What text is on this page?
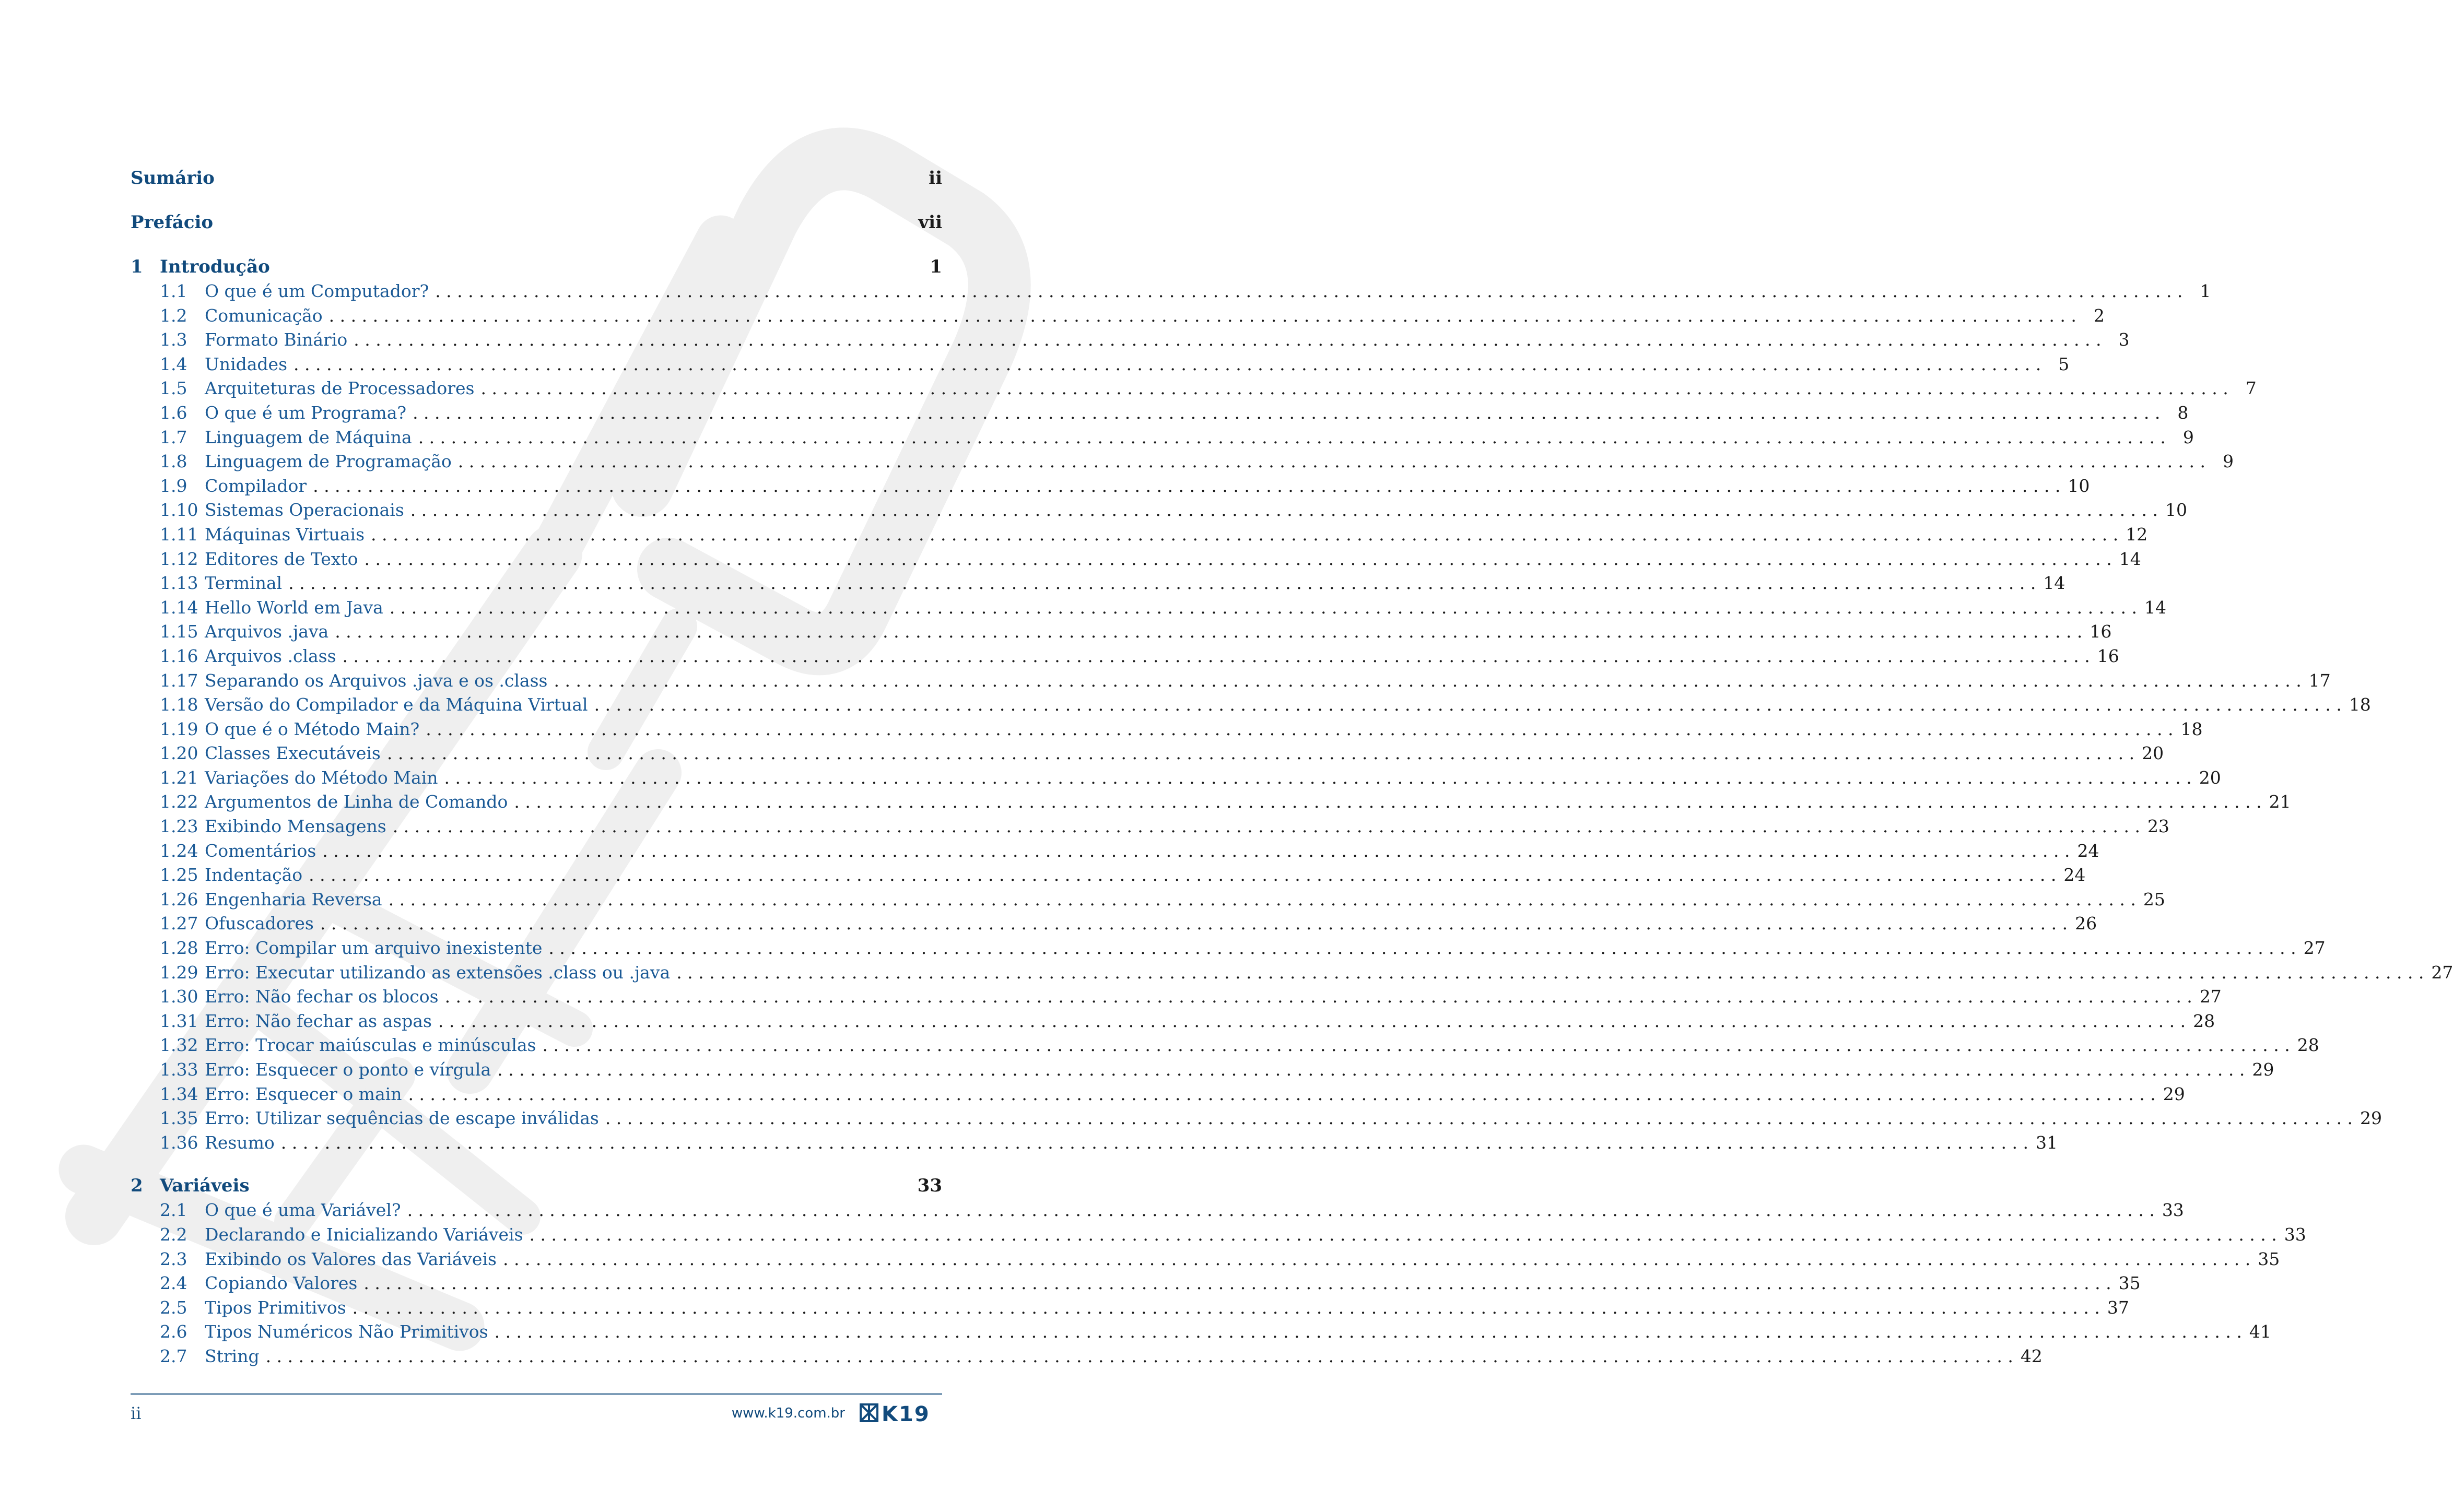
Sumário	ii
Prefácio	vii
1 Introdução	1
1.1	O que é um Computador? . . . . . . . . . . . . . . . . . . . . . . . . . . . . . . . . . . . . . . . . . . . . . . . . . . . . . . . . . . . . . . . . . . . . . . . . . . . . . . . . . . . . . . . . . . . . . . . . . . . . . . . . . . . . . . . . . . . . . . . . . . . . . . . . . . . . . . . . . . . . . . . . . . . . . . . . . . . . . . . .	1
1.2	Comunicação . . . . . . . . . . . . . . . . . . . . . . . . . . . . . . . . . . . . . . . . . . . . . . . . . . . . . . . . . . . . . . . . . . . . . . . . . . . . . . . . . . . . . . . . . . . . . . . . . . . . . . . . . . . . . . . . . . . . . . . . . . . . . . . . . . . . . . . . . . . . . . . . . . . . . . . . . . . . . . . .	2
1.3	Formato Binário . . . . . . . . . . . . . . . . . . . . . . . . . . . . . . . . . . . . . . . . . . . . . . . . . . . . . . . . . . . . . . . . . . . . . . . . . . . . . . . . . . . . . . . . . . . . . . . . . . . . . . . . . . . . . . . . . . . . . . . . . . . . . . . . . . . . . . . . . . . . . . . . . . . . . . . . . . . . . . . .	3
1.4	Unidades . . . . . . . . . . . . . . . . . . . . . . . . . . . . . . . . . . . . . . . . . . . . . . . . . . . . . . . . . . . . . . . . . . . . . . . . . . . . . . . . . . . . . . . . . . . . . . . . . . . . . . . . . . . . . . . . . . . . . . . . . . . . . . . . . . . . . . . . . . . . . . . . . . . . . . . . . . . . . . . .	5
1.5	Arquiteturas de Processadores . . . . . . . . . . . . . . . . . . . . . . . . . . . . . . . . . . . . . . . . . . . . . . . . . . . . . . . . . . . . . . . . . . . . . . . . . . . . . . . . . . . . . . . . . . . . . . . . . . . . . . . . . . . . . . . . . . . . . . . . . . . . . . . . . . . . . . . . . . . . . . . . . . . . . . . . . . . . . . . .	7
1.6	O que é um Programa? . . . . . . . . . . . . . . . . . . . . . . . . . . . . . . . . . . . . . . . . . . . . . . . . . . . . . . . . . . . . . . . . . . . . . . . . . . . . . . . . . . . . . . . . . . . . . . . . . . . . . . . . . . . . . . . . . . . . . . . . . . . . . . . . . . . . . . . . . . . . . . . . . . . . . . . . . . . . . . . .	8
1.7	Linguagem de Máquina . . . . . . . . . . . . . . . . . . . . . . . . . . . . . . . . . . . . . . . . . . . . . . . . . . . . . . . . . . . . . . . . . . . . . . . . . . . . . . . . . . . . . . . . . . . . . . . . . . . . . . . . . . . . . . . . . . . . . . . . . . . . . . . . . . . . . . . . . . . . . . . . . . . . . . . . . . . . . . . .	9
1.8	Linguagem de Programação . . . . . . . . . . . . . . . . . . . . . . . . . . . . . . . . . . . . . . . . . . . . . . . . . . . . . . . . . . . . . . . . . . . . . . . . . . . . . . . . . . . . . . . . . . . . . . . . . . . . . . . . . . . . . . . . . . . . . . . . . . . . . . . . . . . . . . . . . . . . . . . . . . . . . . . . . . . . . . . .	9
1.9	Compilador . . . . . . . . . . . . . . . . . . . . . . . . . . . . . . . . . . . . . . . . . . . . . . . . . . . . . . . . . . . . . . . . . . . . . . . . . . . . . . . . . . . . . . . . . . . . . . . . . . . . . . . . . . . . . . . . . . . . . . . . . . . . . . . . . . . . . . . . . . . . . . . . . . . . . . . . . . . . . . . . 10
1.10 Sistemas Operacionais . . . . . . . . . . . . . . . . . . . . . . . . . . . . . . . . . . . . . . . . . . . . . . . . . . . . . . . . . . . . . . . . . . . . . . . . . . . . . . . . . . . . . . . . . . . . . . . . . . . . . . . . . . . . . . . . . . . . . . . . . . . . . . . . . . . . . . . . . . . . . . . . . . . . . . . . . . . . . . . . 10
1.11 Máquinas Virtuais . . . . . . . . . . . . . . . . . . . . . . . . . . . . . . . . . . . . . . . . . . . . . . . . . . . . . . . . . . . . . . . . . . . . . . . . . . . . . . . . . . . . . . . . . . . . . . . . . . . . . . . . . . . . . . . . . . . . . . . . . . . . . . . . . . . . . . . . . . . . . . . . . . . . . . . . . . . . . . . . 12
1.12 Editores de Texto . . . . . . . . . . . . . . . . . . . . . . . . . . . . . . . . . . . . . . . . . . . . . . . . . . . . . . . . . . . . . . . . . . . . . . . . . . . . . . . . . . . . . . . . . . . . . . . . . . . . . . . . . . . . . . . . . . . . . . . . . . . . . . . . . . . . . . . . . . . . . . . . . . . . . . . . . . . . . . . . 14
1.13 Terminal . . . . . . . . . . . . . . . . . . . . . . . . . . . . . . . . . . . . . . . . . . . . . . . . . . . . . . . . . . . . . . . . . . . . . . . . . . . . . . . . . . . . . . . . . . . . . . . . . . . . . . . . . . . . . . . . . . . . . . . . . . . . . . . . . . . . . . . . . . . . . . . . . . . . . . . . . . . . . . . . 14
1.14 Hello World em Java . . . . . . . . . . . . . . . . . . . . . . . . . . . . . . . . . . . . . . . . . . . . . . . . . . . . . . . . . . . . . . . . . . . . . . . . . . . . . . . . . . . . . . . . . . . . . . . . . . . . . . . . . . . . . . . . . . . . . . . . . . . . . . . . . . . . . . . . . . . . . . . . . . . . . . . . . . . . . . . . 14
1.15 Arquivos .java . . . . . . . . . . . . . . . . . . . . . . . . . . . . . . . . . . . . . . . . . . . . . . . . . . . . . . . . . . . . . . . . . . . . . . . . . . . . . . . . . . . . . . . . . . . . . . . . . . . . . . . . . . . . . . . . . . . . . . . . . . . . . . . . . . . . . . . . . . . . . . . . . . . . . . . . . . . . . . . . 16
1.16 Arquivos .class . . . . . . . . . . . . . . . . . . . . . . . . . . . . . . . . . . . . . . . . . . . . . . . . . . . . . . . . . . . . . . . . . . . . . . . . . . . . . . . . . . . . . . . . . . . . . . . . . . . . . . . . . . . . . . . . . . . . . . . . . . . . . . . . . . . . . . . . . . . . . . . . . . . . . . . . . . . . . . . . 16
1.17 Separando os Arquivos .java e os .class . . . . . . . . . . . . . . . . . . . . . . . . . . . . . . . . . . . . . . . . . . . . . . . . . . . . . . . . . . . . . . . . . . . . . . . . . . . . . . . . . . . . . . . . . . . . . . . . . . . . . . . . . . . . . . . . . . . . . . . . . . . . . . . . . . . . . . . . . . . . . . . . . . . . . . . . . . . . . . . . 17
1.18 Versão do Compilador e da Máquina Virtual . . . . . . . . . . . . . . . . . . . . . . . . . . . . . . . . . . . . . . . . . . . . . . . . . . . . . . . . . . . . . . . . . . . . . . . . . . . . . . . . . . . . . . . . . . . . . . . . . . . . . . . . . . . . . . . . . . . . . . . . . . . . . . . . . . . . . . . . . . . . . . . . . . . . . . . . . . . . . . . . 18
1.19 O que é o Método Main? . . . . . . . . . . . . . . . . . . . . . . . . . . . . . . . . . . . . . . . . . . . . . . . . . . . . . . . . . . . . . . . . . . . . . . . . . . . . . . . . . . . . . . . . . . . . . . . . . . . . . . . . . . . . . . . . . . . . . . . . . . . . . . . . . . . . . . . . . . . . . . . . . . . . . . . . . . . . . . . . 18
1.20 Classes Executáveis . . . . . . . . . . . . . . . . . . . . . . . . . . . . . . . . . . . . . . . . . . . . . . . . . . . . . . . . . . . . . . . . . . . . . . . . . . . . . . . . . . . . . . . . . . . . . . . . . . . . . . . . . . . . . . . . . . . . . . . . . . . . . . . . . . . . . . . . . . . . . . . . . . . . . . . . . . . . . . . . 20
1.21 Variações do Método Main . . . . . . . . . . . . . . . . . . . . . . . . . . . . . . . . . . . . . . . . . . . . . . . . . . . . . . . . . . . . . . . . . . . . . . . . . . . . . . . . . . . . . . . . . . . . . . . . . . . . . . . . . . . . . . . . . . . . . . . . . . . . . . . . . . . . . . . . . . . . . . . . . . . . . . . . . . . . . . . . 20
1.22 Argumentos de Linha de Comando . . . . . . . . . . . . . . . . . . . . . . . . . . . . . . . . . . . . . . . . . . . . . . . . . . . . . . . . . . . . . . . . . . . . . . . . . . . . . . . . . . . . . . . . . . . . . . . . . . . . . . . . . . . . . . . . . . . . . . . . . . . . . . . . . . . . . . . . . . . . . . . . . . . . . . . . . . . . . . . . 21
1.23 Exibindo Mensagens . . . . . . . . . . . . . . . . . . . . . . . . . . . . . . . . . . . . . . . . . . . . . . . . . . . . . . . . . . . . . . . . . . . . . . . . . . . . . . . . . . . . . . . . . . . . . . . . . . . . . . . . . . . . . . . . . . . . . . . . . . . . . . . . . . . . . . . . . . . . . . . . . . . . . . . . . . . . . . . . 23
1.24 Comentários . . . . . . . . . . . . . . . . . . . . . . . . . . . . . . . . . . . . . . . . . . . . . . . . . . . . . . . . . . . . . . . . . . . . . . . . . . . . . . . . . . . . . . . . . . . . . . . . . . . . . . . . . . . . . . . . . . . . . . . . . . . . . . . . . . . . . . . . . . . . . . . . . . . . . . . . . . . . . . . . 24
1.25 Indentação . . . . . . . . . . . . . . . . . . . . . . . . . . . . . . . . . . . . . . . . . . . . . . . . . . . . . . . . . . . . . . . . . . . . . . . . . . . . . . . . . . . . . . . . . . . . . . . . . . . . . . . . . . . . . . . . . . . . . . . . . . . . . . . . . . . . . . . . . . . . . . . . . . . . . . . . . . . . . . . . 24
1.26 Engenharia Reversa . . . . . . . . . . . . . . . . . . . . . . . . . . . . . . . . . . . . . . . . . . . . . . . . . . . . . . . . . . . . . . . . . . . . . . . . . . . . . . . . . . . . . . . . . . . . . . . . . . . . . . . . . . . . . . . . . . . . . . . . . . . . . . . . . . . . . . . . . . . . . . . . . . . . . . . . . . . . . . . . 25
1.27 Ofuscadores . . . . . . . . . . . . . . . . . . . . . . . . . . . . . . . . . . . . . . . . . . . . . . . . . . . . . . . . . . . . . . . . . . . . . . . . . . . . . . . . . . . . . . . . . . . . . . . . . . . . . . . . . . . . . . . . . . . . . . . . . . . . . . . . . . . . . . . . . . . . . . . . . . . . . . . . . . . . . . . . 26
1.28 Erro: Compilar um arquivo inexistente . . . . . . . . . . . . . . . . . . . . . . . . . . . . . . . . . . . . . . . . . . . . . . . . . . . . . . . . . . . . . . . . . . . . . . . . . . . . . . . . . . . . . . . . . . . . . . . . . . . . . . . . . . . . . . . . . . . . . . . . . . . . . . . . . . . . . . . . . . . . . . . . . . . . . . . . . . . . . . . . 27
1.29 Erro: Executar utilizando as extensões .class ou .java . . . . . . . . . . . . . . . . . . . . . . . . . . . . . . . . . . . . . . . . . . . . . . . . . . . . . . . . . . . . . . . . . . . . . . . . . . . . . . . . . . . . . . . . . . . . . . . . . . . . . . . . . . . . . . . . . . . . . . . . . . . . . . . . . . . . . . . . . . . . . . . . . . . . . . . . . . . . . . . . 27
1.30 Erro: Não fechar os blocos . . . . . . . . . . . . . . . . . . . . . . . . . . . . . . . . . . . . . . . . . . . . . . . . . . . . . . . . . . . . . . . . . . . . . . . . . . . . . . . . . . . . . . . . . . . . . . . . . . . . . . . . . . . . . . . . . . . . . . . . . . . . . . . . . . . . . . . . . . . . . . . . . . . . . . . . . . . . . . . . 27
1.31 Erro: Não fechar as aspas . . . . . . . . . . . . . . . . . . . . . . . . . . . . . . . . . . . . . . . . . . . . . . . . . . . . . . . . . . . . . . . . . . . . . . . . . . . . . . . . . . . . . . . . . . . . . . . . . . . . . . . . . . . . . . . . . . . . . . . . . . . . . . . . . . . . . . . . . . . . . . . . . . . . . . . . . . . . . . . . 28
1.32 Erro: Trocar maiúsculas e minúsculas . . . . . . . . . . . . . . . . . . . . . . . . . . . . . . . . . . . . . . . . . . . . . . . . . . . . . . . . . . . . . . . . . . . . . . . . . . . . . . . . . . . . . . . . . . . . . . . . . . . . . . . . . . . . . . . . . . . . . . . . . . . . . . . . . . . . . . . . . . . . . . . . . . . . . . . . . . . . . . . . 28
1.33 Erro: Esquecer o ponto e vírgula . . . . . . . . . . . . . . . . . . . . . . . . . . . . . . . . . . . . . . . . . . . . . . . . . . . . . . . . . . . . . . . . . . . . . . . . . . . . . . . . . . . . . . . . . . . . . . . . . . . . . . . . . . . . . . . . . . . . . . . . . . . . . . . . . . . . . . . . . . . . . . . . . . . . . . . . . . . . . . . . 29
1.34 Erro: Esquecer o main . . . . . . . . . . . . . . . . . . . . . . . . . . . . . . . . . . . . . . . . . . . . . . . . . . . . . . . . . . . . . . . . . . . . . . . . . . . . . . . . . . . . . . . . . . . . . . . . . . . . . . . . . . . . . . . . . . . . . . . . . . . . . . . . . . . . . . . . . . . . . . . . . . . . . . . . . . . . . . . . 29
1.35 Erro: Utilizar sequências de escape inválidas . . . . . . . . . . . . . . . . . . . . . . . . . . . . . . . . . . . . . . . . . . . . . . . . . . . . . . . . . . . . . . . . . . . . . . . . . . . . . . . . . . . . . . . . . . . . . . . . . . . . . . . . . . . . . . . . . . . . . . . . . . . . . . . . . . . . . . . . . . . . . . . . . . . . . . . . . . . . . . . . 29
1.36 Resumo . . . . . . . . . . . . . . . . . . . . . . . . . . . . . . . . . . . . . . . . . . . . . . . . . . . . . . . . . . . . . . . . . . . . . . . . . . . . . . . . . . . . . . . . . . . . . . . . . . . . . . . . . . . . . . . . . . . . . . . . . . . . . . . . . . . . . . . . . . . . . . . . . . . . . . . . . . . . . . . . 31
2 Variáveis	33
2.1	O que é uma Variável? . . . . . . . . . . . . . . . . . . . . . . . . . . . . . . . . . . . . . . . . . . . . . . . . . . . . . . . . . . . . . . . . . . . . . . . . . . . . . . . . . . . . . . . . . . . . . . . . . . . . . . . . . . . . . . . . . . . . . . . . . . . . . . . . . . . . . . . . . . . . . . . . . . . . . . . . . . . . . . . . 33
2.2	Declarando e Inicializando Variáveis . . . . . . . . . . . . . . . . . . . . . . . . . . . . . . . . . . . . . . . . . . . . . . . . . . . . . . . . . . . . . . . . . . . . . . . . . . . . . . . . . . . . . . . . . . . . . . . . . . . . . . . . . . . . . . . . . . . . . . . . . . . . . . . . . . . . . . . . . . . . . . . . . . . . . . . . . . . . . . . . 33
2.3	Exibindo os Valores das Variáveis . . . . . . . . . . . . . . . . . . . . . . . . . . . . . . . . . . . . . . . . . . . . . . . . . . . . . . . . . . . . . . . . . . . . . . . . . . . . . . . . . . . . . . . . . . . . . . . . . . . . . . . . . . . . . . . . . . . . . . . . . . . . . . . . . . . . . . . . . . . . . . . . . . . . . . . . . . . . . . . . 35
2.4	Copiando Valores . . . . . . . . . . . . . . . . . . . . . . . . . . . . . . . . . . . . . . . . . . . . . . . . . . . . . . . . . . . . . . . . . . . . . . . . . . . . . . . . . . . . . . . . . . . . . . . . . . . . . . . . . . . . . . . . . . . . . . . . . . . . . . . . . . . . . . . . . . . . . . . . . . . . . . . . . . . . . . . . 35
2.5	Tipos Primitivos . . . . . . . . . . . . . . . . . . . . . . . . . . . . . . . . . . . . . . . . . . . . . . . . . . . . . . . . . . . . . . . . . . . . . . . . . . . . . . . . . . . . . . . . . . . . . . . . . . . . . . . . . . . . . . . . . . . . . . . . . . . . . . . . . . . . . . . . . . . . . . . . . . . . . . . . . . . . . . . . 37
2.6	Tipos Numéricos Não Primitivos . . . . . . . . . . . . . . . . . . . . . . . . . . . . . . . . . . . . . . . . . . . . . . . . . . . . . . . . . . . . . . . . . . . . . . . . . . . . . . . . . . . . . . . . . . . . . . . . . . . . . . . . . . . . . . . . . . . . . . . . . . . . . . . . . . . . . . . . . . . . . . . . . . . . . . . . . . . . . . . . 41
2.7	String . . . . . . . . . . . . . . . . . . . . . . . . . . . . . . . . . . . . . . . . . . . . . . . . . . . . . . . . . . . . . . . . . . . . . . . . . . . . . . . . . . . . . . . . . . . . . . . . . . . . . . . . . . . . . . . . . . . . . . . . . . . . . . . . . . . . . . . . . . . . . . . . . . . . . . . . . . . . . . . . 42
ii	www.k19.com.br K19
